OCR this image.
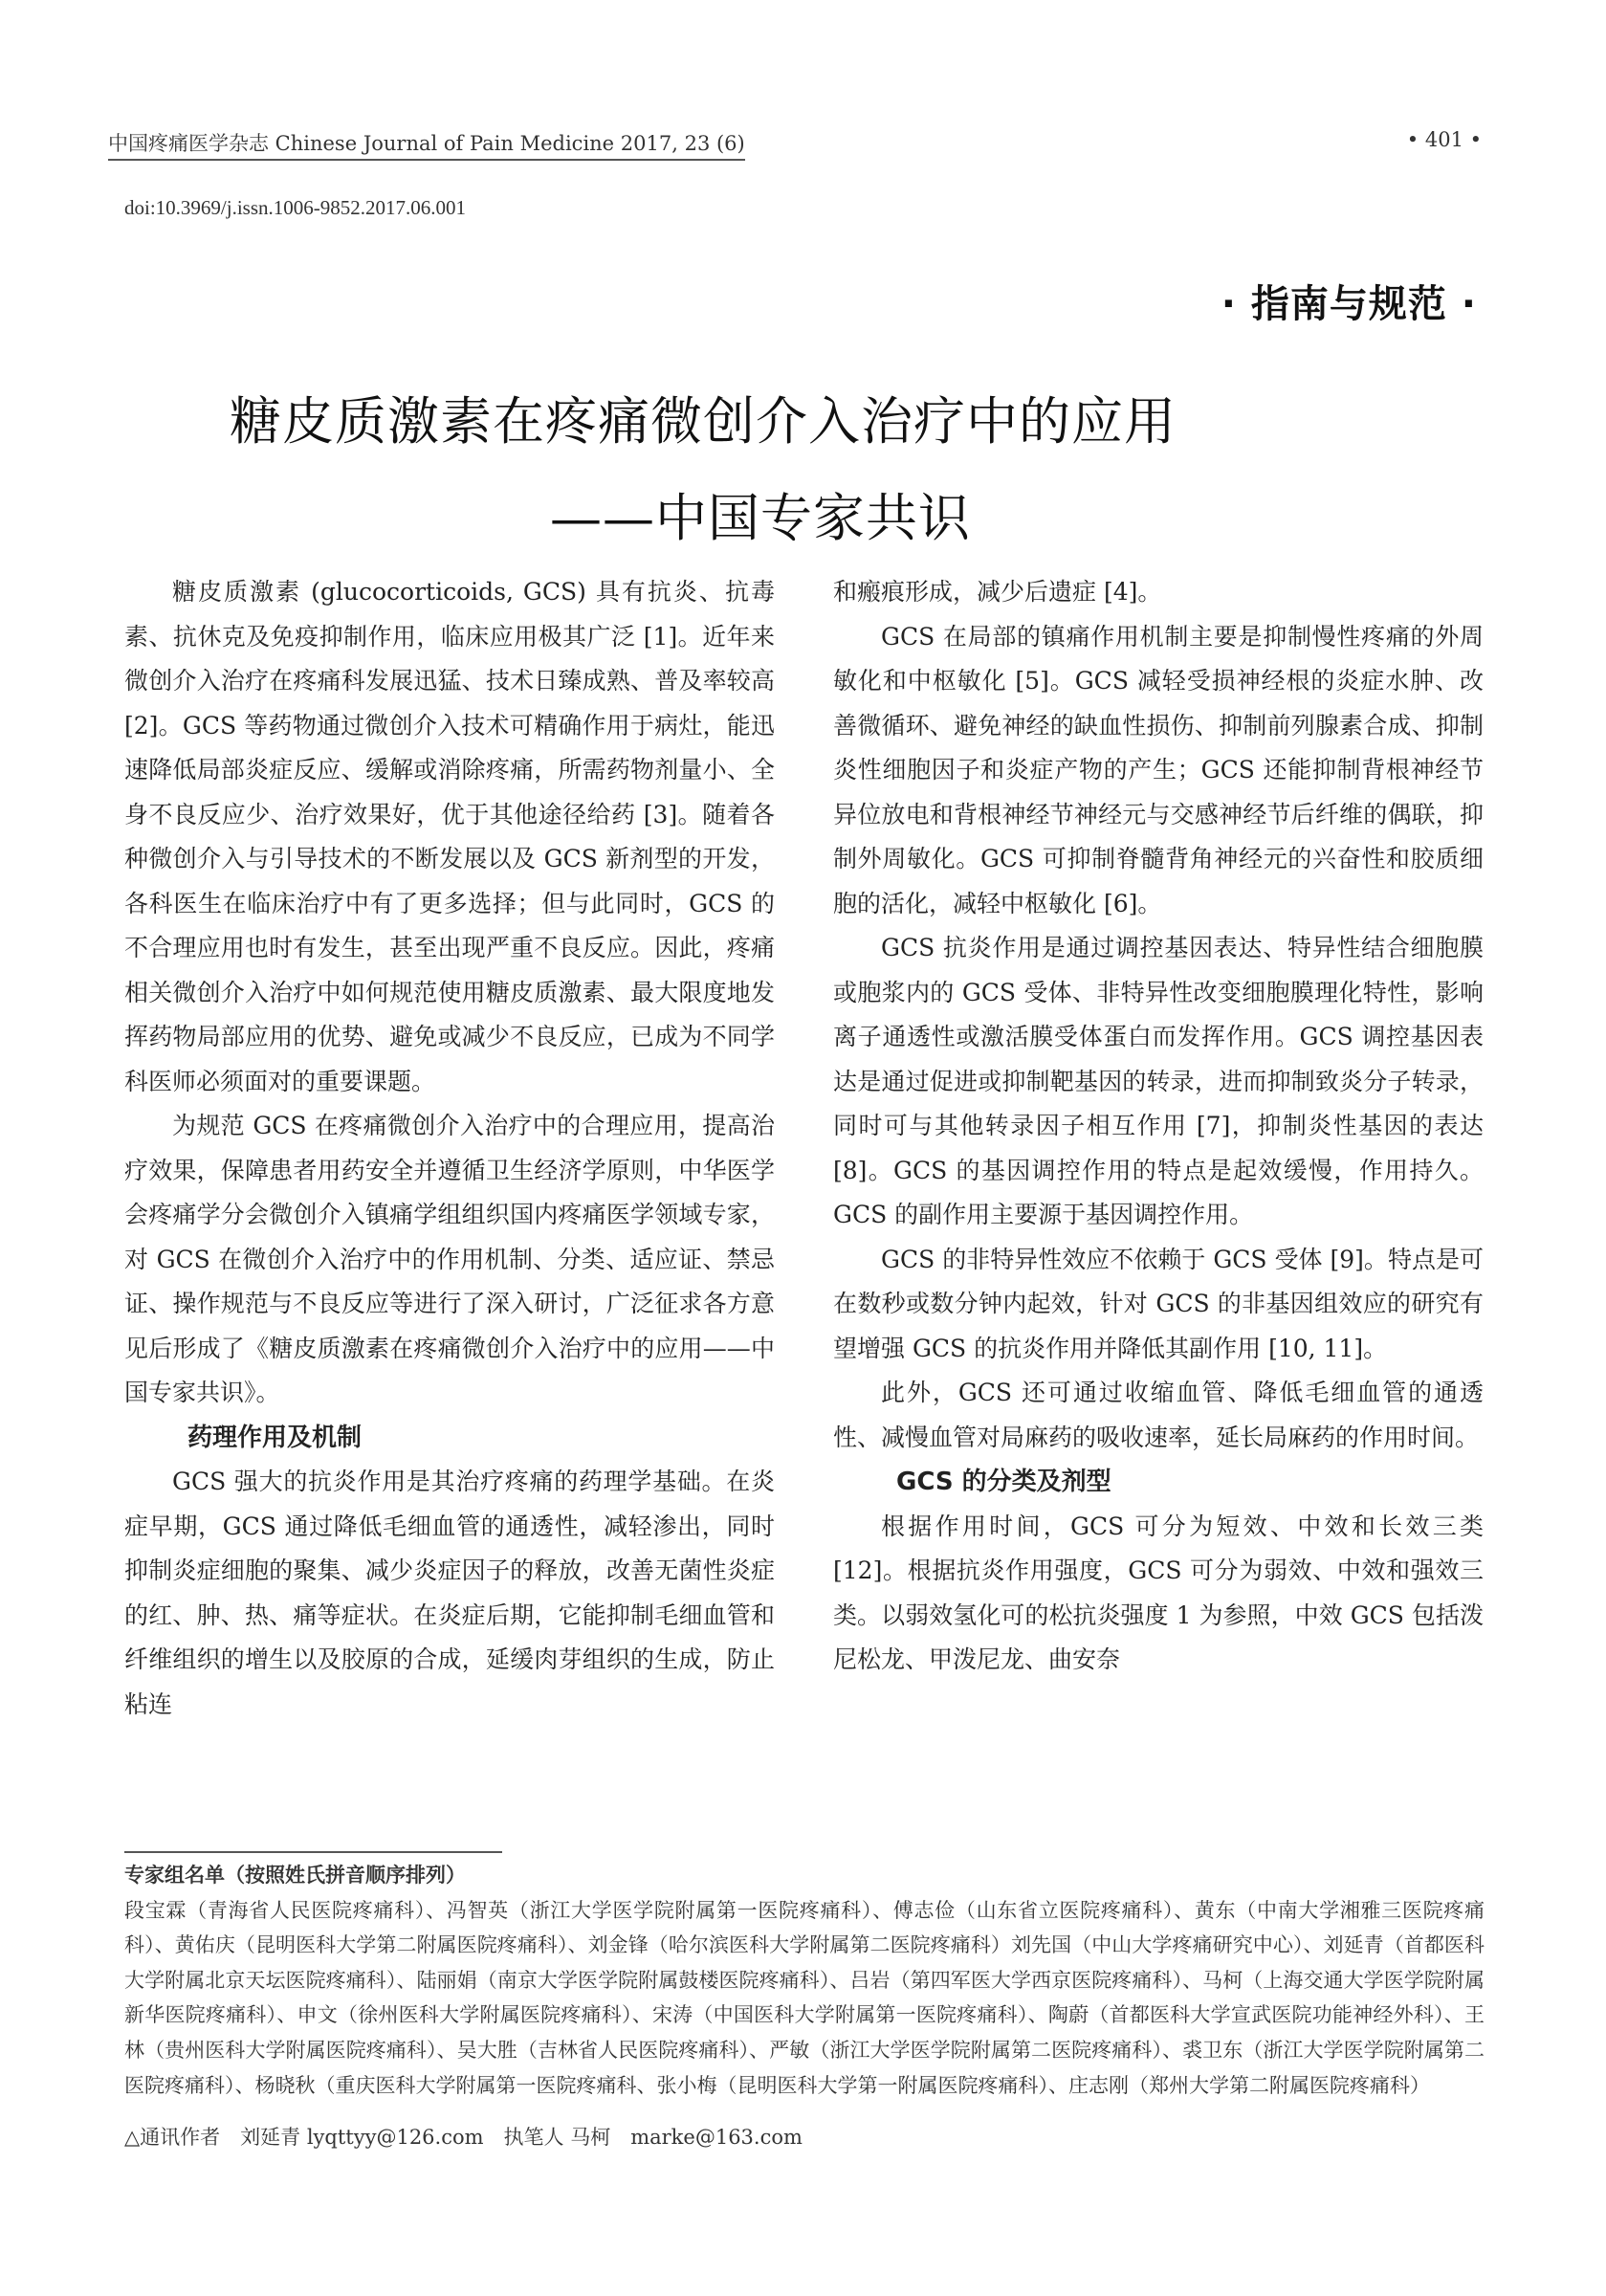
中国疼痛医学杂志 Chinese Journal of Pain Medicine 2017, 23 (6)	• 401 •
doi:10.3969/j.issn.1006-9852.2017.06.001
· 指南与规范 ·
糖皮质激素在疼痛微创介入治疗中的应用
——中国专家共识

糖皮质激素 (glucocorticoids, GCS) 具有抗炎、抗毒素、抗休克及免疫抑制作用，临床应用极其广泛 [1]。近年来微创介入治疗在疼痛科发展迅猛、技术日臻成熟、普及率较高 [2]。GCS 等药物通过微创介入技术可精确作用于病灶，能迅速降低局部炎症反应、缓解或消除疼痛，所需药物剂量小、全身不良反应少、治疗效果好，优于其他途径给药 [3]。随着各种微创介入与引导技术的不断发展以及 GCS 新剂型的开发，各科医生在临床治疗中有了更多选择；但与此同时，GCS 的不合理应用也时有发生，甚至出现严重不良反应。因此，疼痛相关微创介入治疗中如何规范使用糖皮质激素、最大限度地发挥药物局部应用的优势、避免或减少不良反应，已成为不同学科医师必须面对的重要课题。

为规范 GCS 在疼痛微创介入治疗中的合理应用，提高治疗效果，保障患者用药安全并遵循卫生经济学原则，中华医学会疼痛学分会微创介入镇痛学组组织国内疼痛医学领域专家，对 GCS 在微创介入治疗中的作用机制、分类、适应证、禁忌证、操作规范与不良反应等进行了深入研讨，广泛征求各方意见后形成了《糖皮质激素在疼痛微创介入治疗中的应用——中国专家共识》。

药理作用及机制

GCS 强大的抗炎作用是其治疗疼痛的药理学基础。在炎症早期，GCS 通过降低毛细血管的通透性，减轻渗出，同时抑制炎症细胞的聚集、减少炎症因子的释放，改善无菌性炎症的红、肿、热、痛等症状。在炎症后期，它能抑制毛细血管和纤维组织的增生以及胶原的合成，延缓肉芽组织的生成，防止粘连

和瘢痕形成，减少后遗症 [4]。

GCS 在局部的镇痛作用机制主要是抑制慢性疼痛的外周敏化和中枢敏化 [5]。GCS 减轻受损神经根的炎症水肿、改善微循环、避免神经的缺血性损伤、抑制前列腺素合成、抑制炎性细胞因子和炎症产物的产生；GCS 还能抑制背根神经节异位放电和背根神经节神经元与交感神经节后纤维的偶联，抑制外周敏化。GCS 可抑制脊髓背角神经元的兴奋性和胶质细胞的活化，减轻中枢敏化 [6]。

GCS 抗炎作用是通过调控基因表达、特异性结合细胞膜或胞浆内的 GCS 受体、非特异性改变细胞膜理化特性，影响离子通透性或激活膜受体蛋白而发挥作用。GCS 调控基因表达是通过促进或抑制靶基因的转录，进而抑制致炎分子转录，同时可与其他转录因子相互作用 [7]，抑制炎性基因的表达 [8]。GCS 的基因调控作用的特点是起效缓慢，作用持久。GCS 的副作用主要源于基因调控作用。

GCS 的非特异性效应不依赖于 GCS 受体 [9]。特点是可在数秒或数分钟内起效，针对 GCS 的非基因组效应的研究有望增强 GCS 的抗炎作用并降低其副作用 [10, 11]。

此外，GCS 还可通过收缩血管、降低毛细血管的通透性、减慢血管对局麻药的吸收速率，延长局麻药的作用时间。

GCS 的分类及剂型

根据作用时间，GCS 可分为短效、中效和长效三类 [12]。根据抗炎作用强度，GCS 可分为弱效、中效和强效三类。以弱效氢化可的松抗炎强度 1 为参照，中效 GCS 包括泼尼松龙、甲泼尼龙、曲安奈

专家组名单（按照姓氏拼音顺序排列）
段宝霖（青海省人民医院疼痛科）、冯智英（浙江大学医学院附属第一医院疼痛科）、傅志俭（山东省立医院疼痛科）、黄东（中南大学湘雅三医院疼痛科）、黄佑庆（昆明医科大学第二附属医院疼痛科）、刘金锋（哈尔滨医科大学附属第二医院疼痛科）刘先国（中山大学疼痛研究中心）、刘延青（首都医科大学附属北京天坛医院疼痛科）、陆丽娟（南京大学医学院附属鼓楼医院疼痛科）、吕岩（第四军医大学西京医院疼痛科）、马柯（上海交通大学医学院附属新华医院疼痛科）、申文（徐州医科大学附属医院疼痛科）、宋涛（中国医科大学附属第一医院疼痛科）、陶蔚（首都医科大学宣武医院功能神经外科）、王林（贵州医科大学附属医院疼痛科）、吴大胜（吉林省人民医院疼痛科）、严敏（浙江大学医学院附属第二医院疼痛科）、裘卫东（浙江大学医学院附属第二医院疼痛科）、杨晓秋（重庆医科大学附属第一医院疼痛科、张小梅（昆明医科大学第一附属医院疼痛科）、庄志刚（郑州大学第二附属医院疼痛科）
△通讯作者　刘延青 lyqttyy@126.com　执笔人 马柯　marke@163.com
